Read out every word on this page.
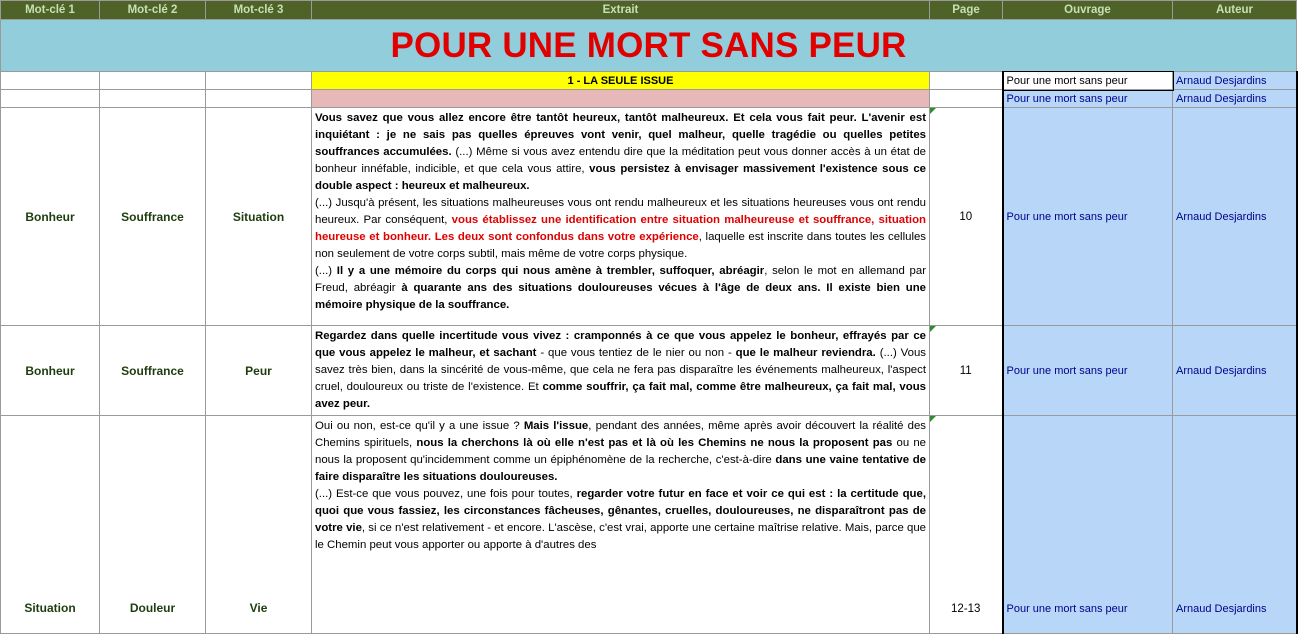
Mot-clé 1	Mot-clé 2	Mot-clé 3	Extrait	Page	Ouvrage	Auteur
POUR UNE MORT SANS PEUR						
			1 - LA SEULE ISSUE		Pour une mort sans peur	Arnaud Desjardins
					Pour une mort sans peur	Arnaud Desjardins
Bonheur	Souffrance	Situation	Vous savez que vous allez encore être tantôt heureux, tantôt malheureux. Et cela vous fait peur. L'avenir est inquiétant : je ne sais pas quelles épreuves vont venir, quel malheur, quelle tragédie ou quelles petites souffrances accumulées. (...) Même si vous avez entendu dire que la méditation peut vous donner accès à un état de bonheur innéfable, indicible, et que cela vous attire, vous persistez à envisager massivement l'existence sous ce double aspect : heureux et malheureux.
(...) Jusqu'à présent, les situations malheureuses vous ont rendu malheureux et les situations heureuses vous ont rendu heureux. Par conséquent, vous établissez une identification entre situation malheureuse et souffrance, situation heureuse et bonheur. Les deux sont confondus dans votre expérience, laquelle est inscrite dans toutes les cellules non seulement de votre corps subtil, mais même de votre corps physique.
(...) Il y a une mémoire du corps qui nous amène à trembler, suffoquer, abréagir, selon le mot en allemand par Freud, abréagir à quarante ans des situations douloureuses vécues à l'âge de deux ans. Il existe bien une mémoire physique de la souffrance.	10	Pour une mort sans peur	Arnaud Desjardins
Bonheur	Souffrance	Peur	Regardez dans quelle incertitude vous vivez : cramponnés à ce que vous appelez le bonheur, effrayés par ce que vous appelez le malheur, et sachant - que vous tentiez de le nier ou non - que le malheur reviendra. (...) Vous savez très bien, dans la sincérité de vous-même, que cela ne fera pas disparaître les événements malheureux, l'aspect cruel, douloureux ou triste de l'existence. Et comme souffrir, ça fait mal, comme être malheureux, ça fait mal, vous avez peur.	11	Pour une mort sans peur	Arnaud Desjardins
Situation	Douleur	Vie	Oui ou non, est-ce qu'il y a une issue ? Mais l'issue, pendant des années, même après avoir découvert la réalité des Chemins spirituels, nous la cherchons là où elle n'est pas et là où les Chemins ne nous la proposent pas ou ne nous la proposent qu'incidemment comme un épiphénomène de la recherche, c'est-à-dire dans une vaine tentative de faire disparaître les situations douloureuses.
(...) Est-ce que vous pouvez, une fois pour toutes, regarder votre futur en face et voir ce qui est : la certitude que, quoi que vous fassiez, les circonstances fâcheuses, gênantes, cruelles, douloureuses, ne disparaîtront pas de votre vie, si ce n'est relativement - et encore. L'ascèse, c'est vrai, apporte une certaine maîtrise relative. Mais, parce que le Chemin peut vous apporter ou apporte à d'autres des	12-13	Pour une mort sans peur	Arnaud Desjardins
